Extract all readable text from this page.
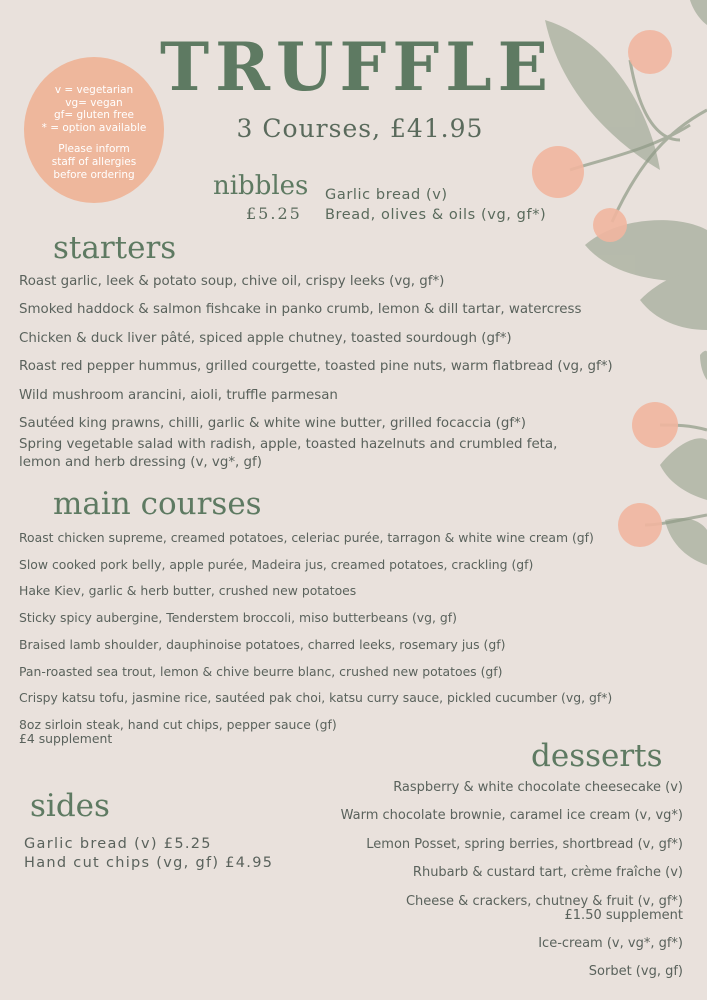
TRUFFLE
3 Courses, £41.95
v = vegetarian
vg= vegan
gf= gluten free
* = option available
Please inform
staff of allergies
before ordering	nibbles
£5.25
Garlic bread (v)
Bread, olives & oils (vg, gf*)
starters
Roast garlic, leek & potato soup, chive oil, crispy leeks (vg, gf*)
Smoked haddock & salmon fishcake in panko crumb, lemon & dill tartar, watercress
Chicken & duck liver pâté, spiced apple chutney, toasted sourdough (gf*)
Roast red pepper hummus, grilled courgette, toasted pine nuts, warm flatbread (vg, gf*)
Wild mushroom arancini, aioli, truffle parmesan
Sautéed king prawns, chilli, garlic & white wine butter, grilled focaccia (gf*)
Spring vegetable salad with radish, apple, toasted hazelnuts and crumbled feta,
lemon and herb dressing (v, vg*, gf)
main courses
Roast chicken supreme, creamed potatoes, celeriac purée, tarragon & white wine cream (gf)
Slow cooked pork belly, apple purée, Madeira jus, creamed potatoes, crackling (gf)
Hake Kiev, garlic & herb butter, crushed new potatoes
Sticky spicy aubergine, Tenderstem broccoli, miso butterbeans (vg, gf)
Braised lamb shoulder, dauphinoise potatoes, charred leeks, rosemary jus (gf)
Pan-roasted sea trout, lemon & chive beurre blanc, crushed new potatoes (gf)
Crispy katsu tofu, jasmine rice, sautéed pak choi, katsu curry sauce, pickled cucumber (vg, gf*)
8oz sirloin steak, hand cut chips, pepper sauce (gf)
£4 supplement	desserts
Raspberry & white chocolate cheesecake (v)
Warm chocolate brownie, caramel ice cream (v, vg*)
Lemon Posset, spring berries, shortbread (v, gf*)
Rhubarb & custard tart, crème fraîche (v)
Cheese & crackers, chutney & fruit (v, gf*)
£1.50 supplement
Ice-cream (v, vg*, gf*)
Sorbet (vg, gf)
sides
Garlic bread (v) £5.25
Hand cut chips (vg, gf) £4.95
